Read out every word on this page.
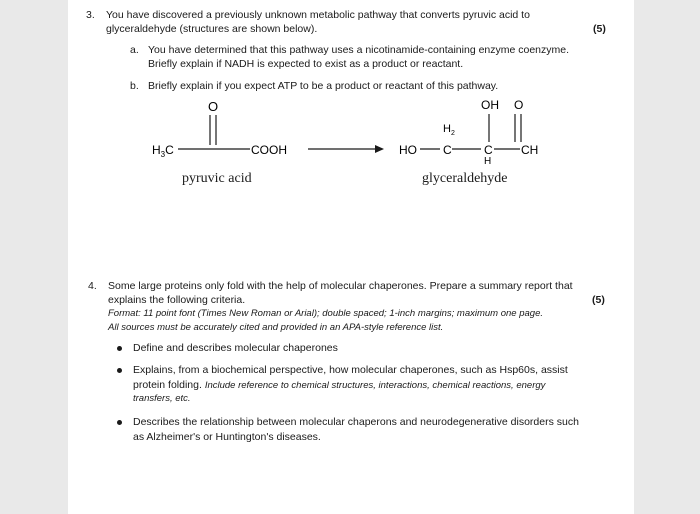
3. You have discovered a previously unknown metabolic pathway that converts pyruvic acid to
glyceraldehyde (structures are shown below).	(5)
a. You have determined that this pathway uses a nicotinamide-containing enzyme coenzyme.
Briefly explain if NADH is expected to exist as a product or reactant.
b. Briefly explain if you expect ATP to be a product or reactant of this pathway.
O
$H_3C$	COOH
OH O
HO
$H_2$
C	C
H
CH
pyruvic acid	glyceraldehyde
4. Some large proteins only fold with the help of molecular chaperones. Prepare a summary report that
explains the following criteria.	(5)
Format: 11 point font (Times New Roman or Arial); double spaced; 1-inch margins; maximum one page.
All sources must be accurately cited and provided in an APA-style reference list.
Define and describes molecular chaperones
Explains, from a biochemical perspective, how molecular chaperones, such as Hsp60s, assist
protein folding. Include reference to chemical structures, interactions, chemical reactions, energy
transfers, etc.
Describes the relationship between molecular chaperons and neurodegenerative disorders such
as Alzheimer's or Huntington's diseases.
